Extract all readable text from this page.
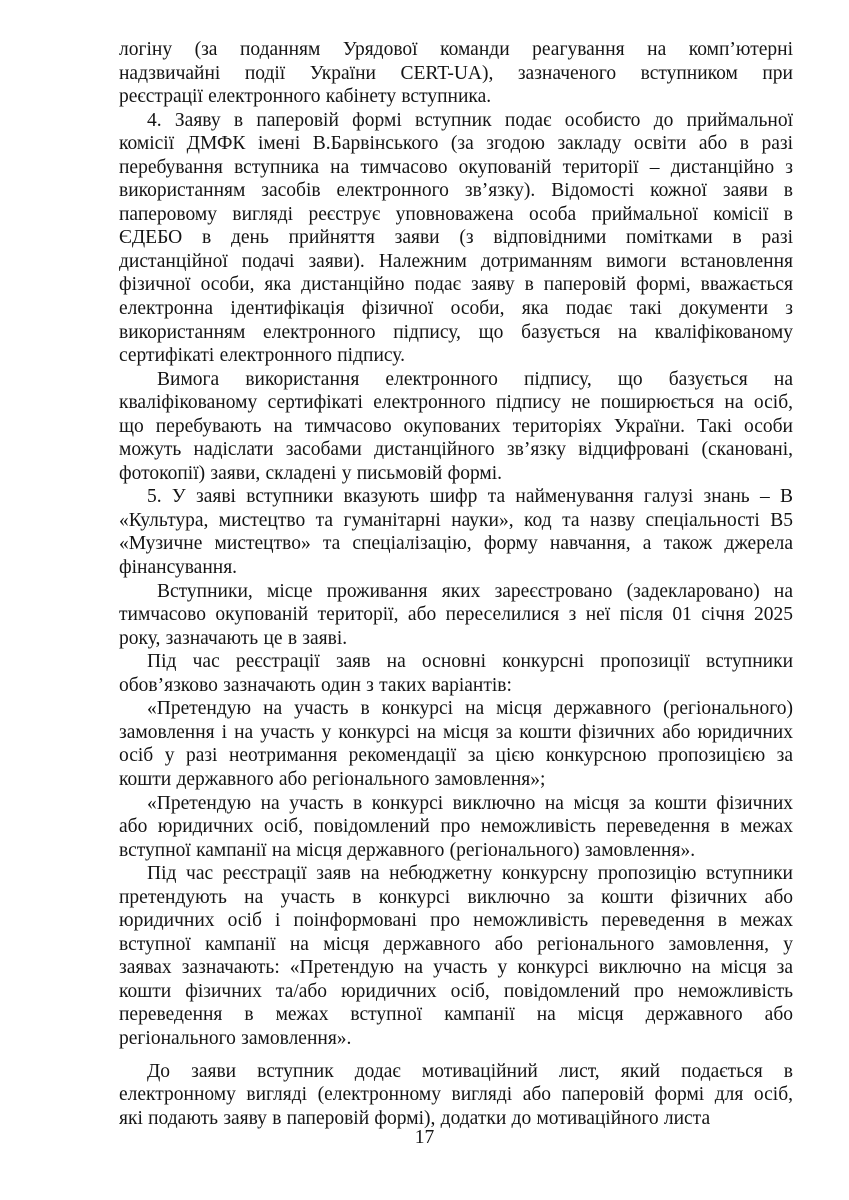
логіну (за поданням Урядової команди реагування на комп’ютерні
надзвичайні події України CERT-UA), зазначеного вступником при
реєстрації електронного кабінету вступника.
4. Заяву в паперовій формі вступник подає особисто до приймальної
комісії ДМФК імені В.Барвінського (за згодою закладу освіти або в разі
перебування вступника на тимчасово окупованій території – дистанційно з
використанням засобів електронного зв’язку). Відомості кожної заяви в
паперовому вигляді реєструє уповноважена особа приймальної комісії в
ЄДЕБО в день прийняття заяви (з відповідними помітками в разі
дистанційної подачі заяви). Належним дотриманням вимоги встановлення
фізичної особи, яка дистанційно подає заяву в паперовій формі, вважається
електронна ідентифікація фізичної особи, яка подає такі документи з
використанням електронного підпису, що базується на кваліфікованому
сертифікаті електронного підпису.
Вимога використання електронного підпису, що базується на
кваліфікованому сертифікаті електронного підпису не поширюється на осіб,
що перебувають на тимчасово окупованих територіях України. Такі особи
можуть надіслати засобами дистанційного зв’язку відцифровані (скановані,
фотокопії) заяви, складені у письмовій формі.
5. У заяві вступники вказують шифр та найменування галузі знань – В
«Культура, мистецтво та гуманітарні науки», код та назву спеціальності В5
«Музичне мистецтво» та спеціалізацію, форму навчання, а також джерела
фінансування.
Вступники, місце проживання яких зареєстровано (задекларовано) на
тимчасово окупованій території, або переселилися з неї після 01 січня 2025
року, зазначають це в заяві.
Під час реєстрації заяв на основні конкурсні пропозиції вступники
обов’язково зазначають один з таких варіантів:
«Претендую на участь в конкурсі на місця державного (регіонального)
замовлення і на участь у конкурсі на місця за кошти фізичних або юридичних
осіб у разі неотримання рекомендації за цією конкурсною пропозицією за
кошти державного або регіонального замовлення»;
«Претендую на участь в конкурсі виключно на місця за кошти фізичних
або юридичних осіб, повідомлений про неможливість переведення в межах
вступної кампанії на місця державного (регіонального) замовлення».
Під час реєстрації заяв на небюджетну конкурсну пропозицію вступники
претендують на участь в конкурсі виключно за кошти фізичних або
юридичних осіб і поінформовані про неможливість переведення в межах
вступної кампанії на місця державного або регіонального замовлення, у
заявах зазначають: «Претендую на участь у конкурсі виключно на місця за
кошти фізичних та/або юридичних осіб, повідомлений про неможливість
переведення в межах вступної кампанії на місця державного або
регіонального замовлення».
До заяви вступник додає мотиваційний лист, який подається в
електронному вигляді (електронному вигляді або паперовій формі для осіб,
які подають заяву в паперовій формі), додатки до мотиваційного листа
17
